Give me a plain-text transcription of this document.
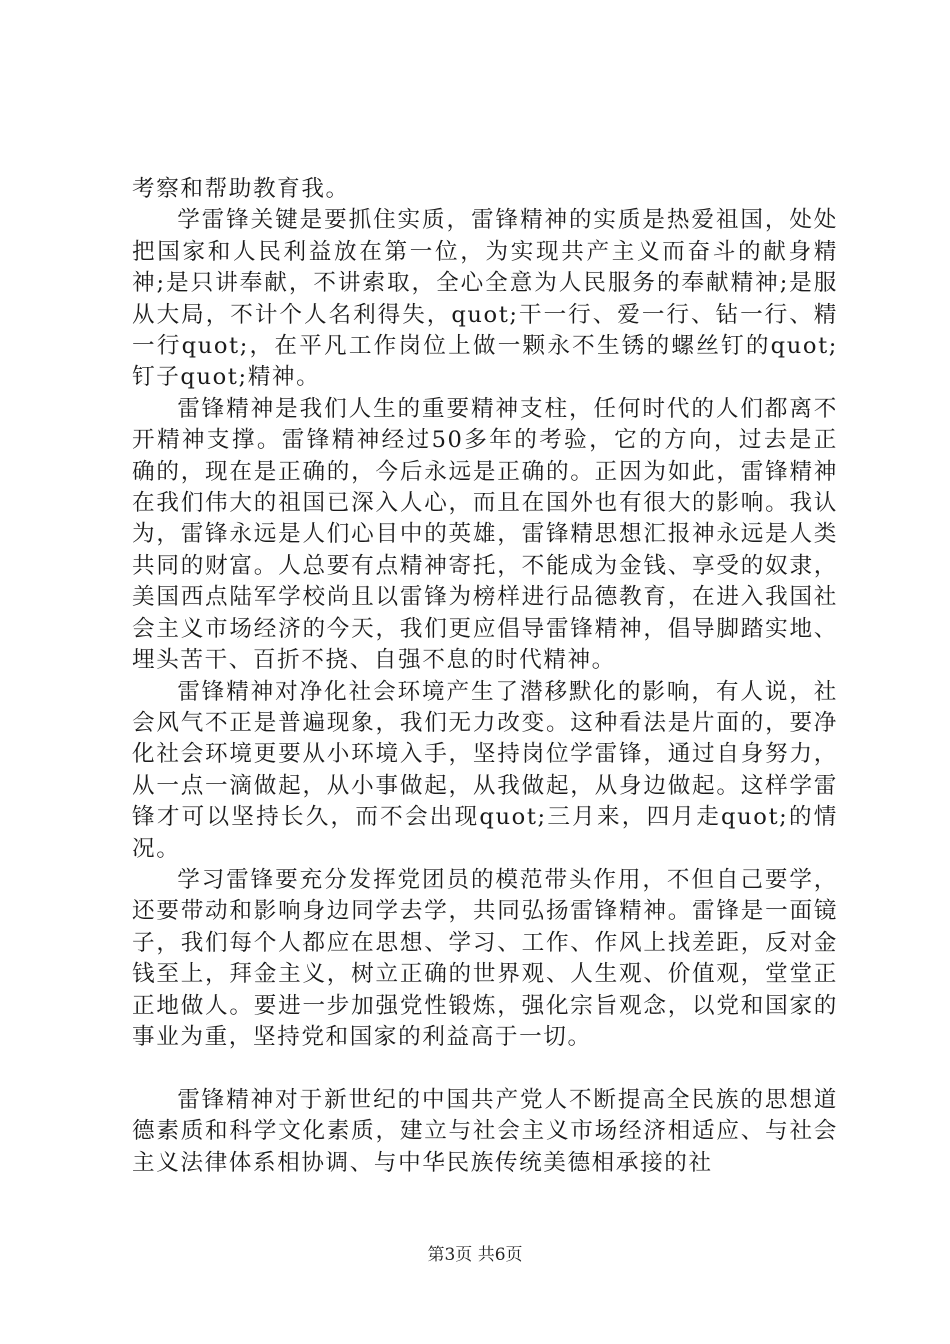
考察和帮助教育我。

学雷锋关键是要抓住实质，雷锋精神的实质是热爱祖国，处处把国家和人民利益放在第一位，为实现共产主义而奋斗的献身精神;是只讲奉献，不讲索取，全心全意为人民服务的奉献精神;是服从大局，不计个人名利得失，quot;干一行、爱一行、钻一行、精一行quot;，在平凡工作岗位上做一颗永不生锈的螺丝钉的quot;钉子quot;精神。

雷锋精神是我们人生的重要精神支柱，任何时代的人们都离不开精神支撑。雷锋精神经过50多年的考验，它的方向，过去是正确的，现在是正确的，今后永远是正确的。正因为如此，雷锋精神在我们伟大的祖国已深入人心，而且在国外也有很大的影响。我认为，雷锋永远是人们心目中的英雄，雷锋精思想汇报神永远是人类共同的财富。人总要有点精神寄托，不能成为金钱、享受的奴隶，美国西点陆军学校尚且以雷锋为榜样进行品德教育，在进入我国社会主义市场经济的今天，我们更应倡导雷锋精神，倡导脚踏实地、埋头苦干、百折不挠、自强不息的时代精神。

雷锋精神对净化社会环境产生了潜移默化的影响，有人说，社会风气不正是普遍现象，我们无力改变。这种看法是片面的，要净化社会环境更要从小环境入手，坚持岗位学雷锋，通过自身努力，从一点一滴做起，从小事做起，从我做起，从身边做起。这样学雷锋才可以坚持长久，而不会出现quot;三月来，四月走quot;的情况。

学习雷锋要充分发挥党团员的模范带头作用，不但自己要学，还要带动和影响身边同学去学，共同弘扬雷锋精神。雷锋是一面镜子，我们每个人都应在思想、学习、工作、作风上找差距，反对金钱至上，拜金主义，树立正确的世界观、人生观、价值观，堂堂正正地做人。要进一步加强党性锻炼，强化宗旨观念，以党和国家的事业为重，坚持党和国家的利益高于一切。

雷锋精神对于新世纪的中国共产党人不断提高全民族的思想道德素质和科学文化素质，建立与社会主义市场经济相适应、与社会主义法律体系相协调、与中华民族传统美德相承接的社

第3页 共6页
